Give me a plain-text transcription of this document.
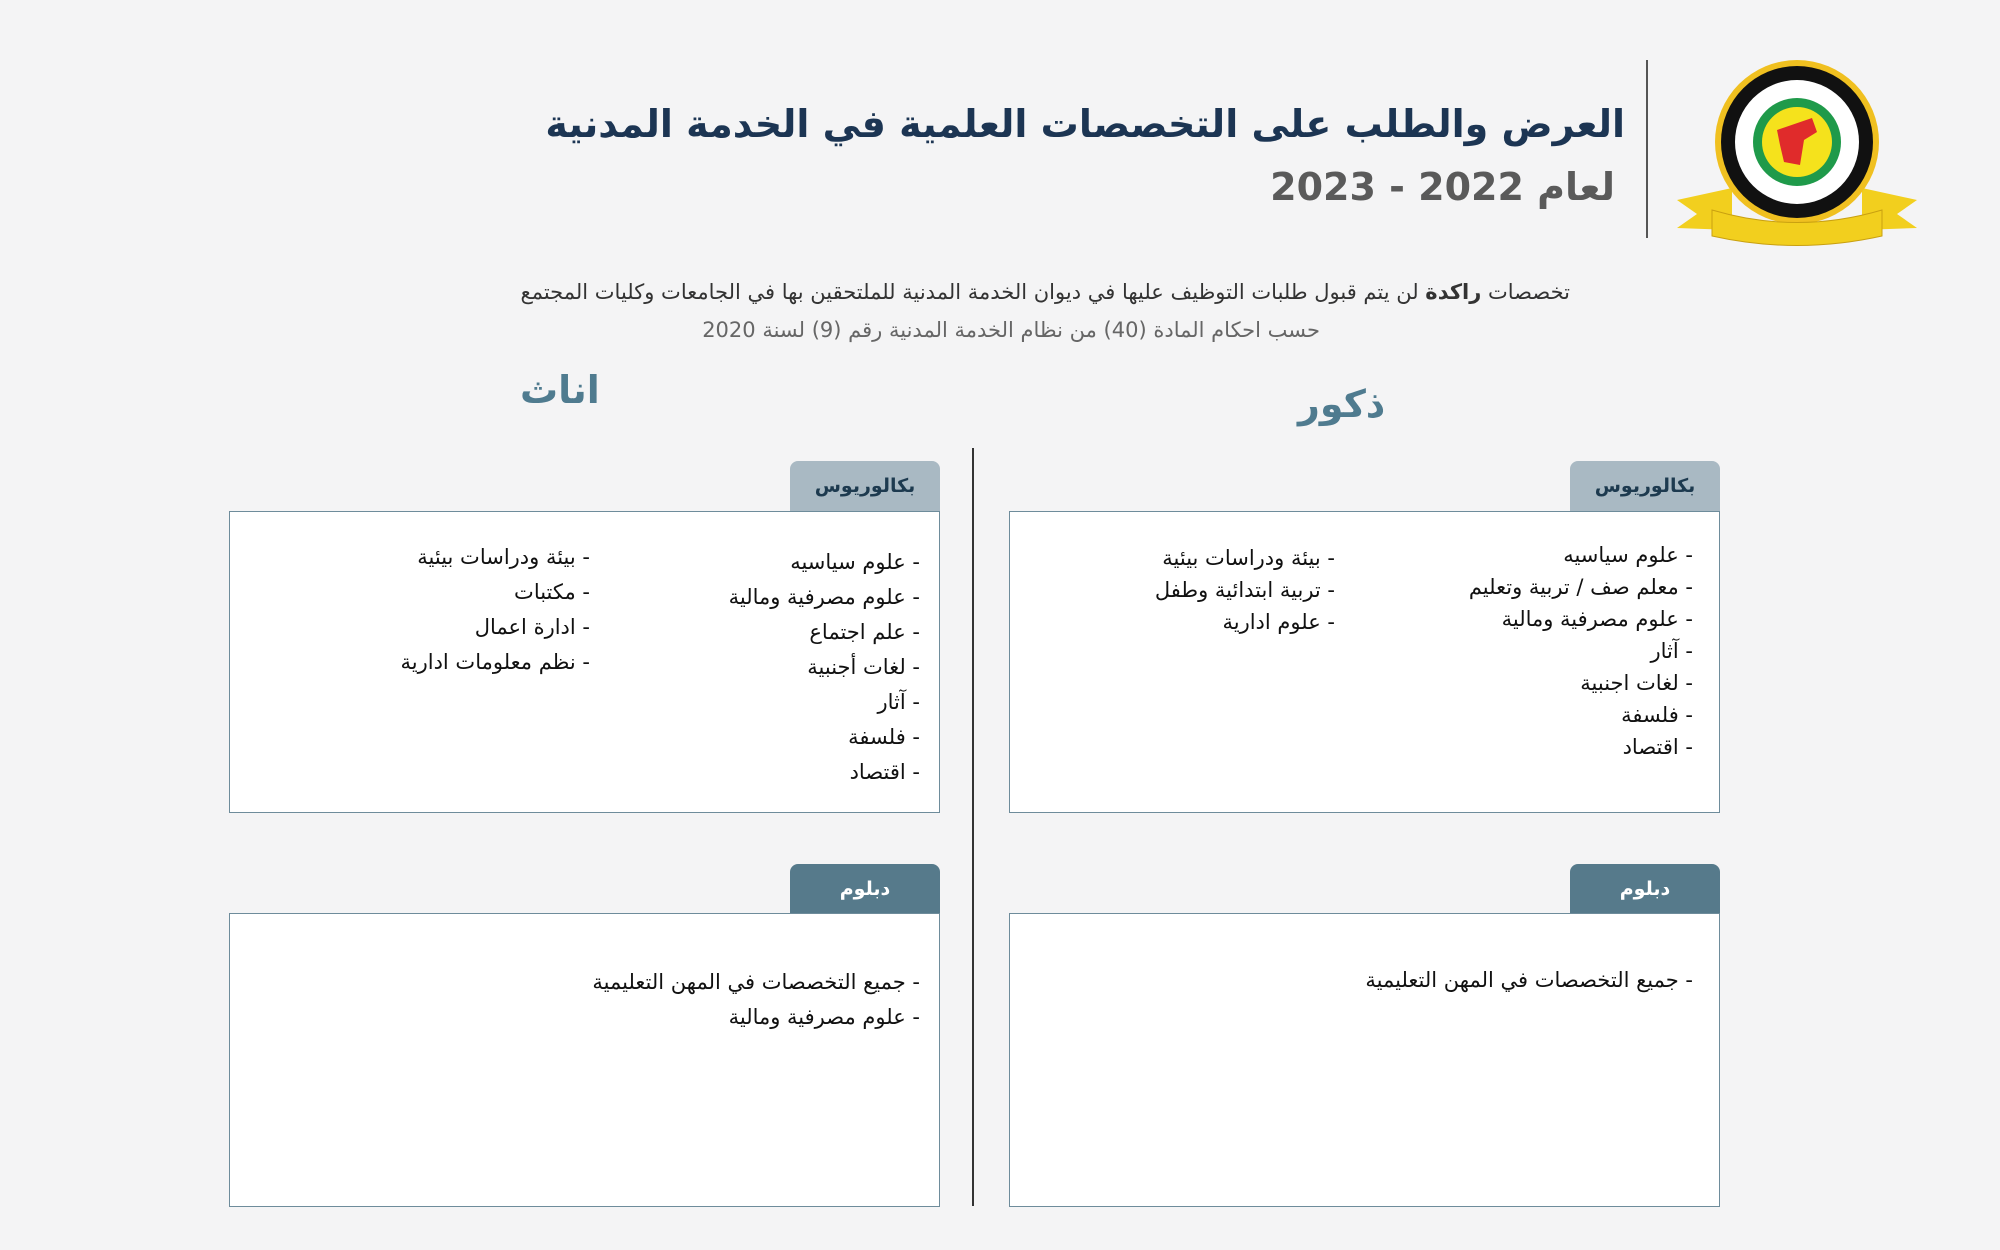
العرض والطلب على التخصصات العلمية في الخدمة المدنية
لعام 2022 - 2023
تخصصات راكدة لن يتم قبول طلبات التوظيف عليها في ديوان الخدمة المدنية للملتحقين بها في الجامعات وكليات المجتمع
حسب احكام المادة (40) من نظام الخدمة المدنية رقم (9) لسنة 2020
اناث	ذكور
بكالوريوس
- علوم سياسيه
- علوم مصرفية ومالية
- علم اجتماع
- لغات أجنبية
- آثار
- فلسفة
- اقتصاد
- بيئة ودراسات بيئية
- مكتبات
- ادارة اعمال
- نظم معلومات ادارية
دبلوم
- جميع التخصصات في المهن التعليمية
- علوم مصرفية ومالية
بكالوريوس
- علوم سياسيه
- معلم صف / تربية وتعليم
- علوم مصرفية ومالية
- آثار
- لغات اجنبية
- فلسفة
- اقتصاد
- بيئة ودراسات بيئية
- تربية ابتدائية وطفل
- علوم ادارية
دبلوم
- جميع التخصصات في المهن التعليمية
